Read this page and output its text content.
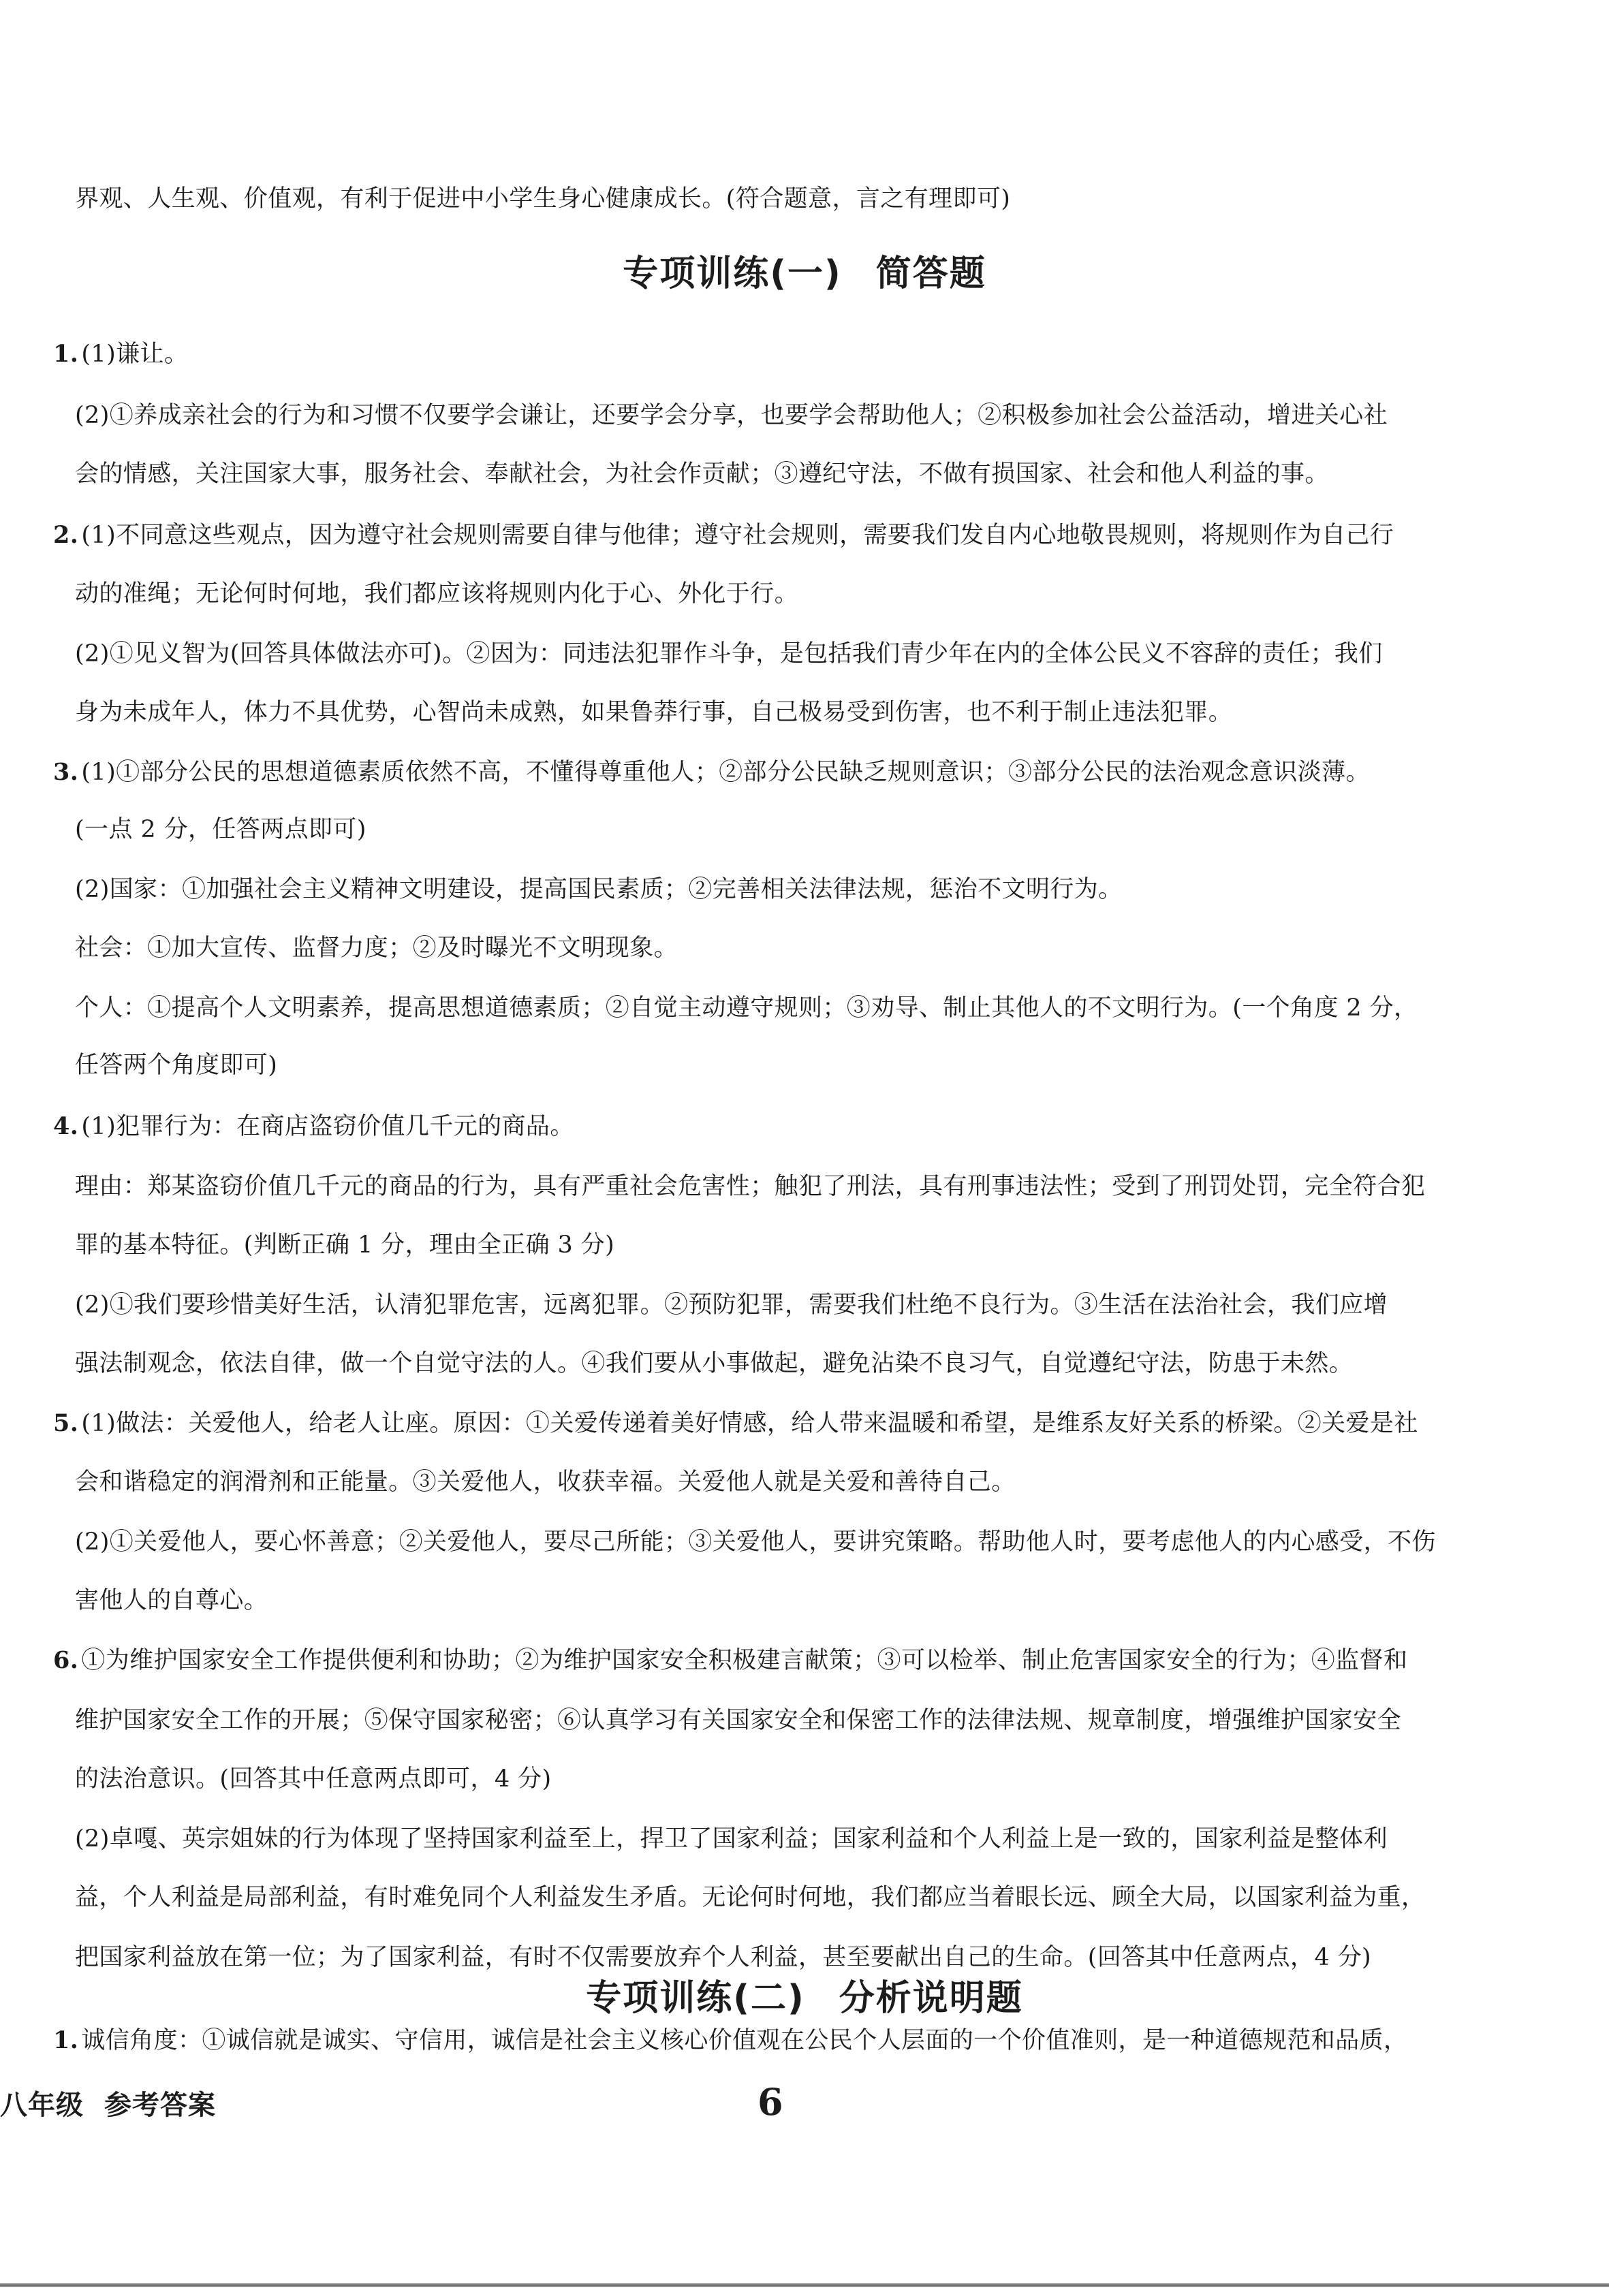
界观、人生观、价值观，有利于促进中小学生身心健康成长。(符合题意，言之有理即可)
专项训练(一) 简答题
1. (1)谦让。
(2)①养成亲社会的行为和习惯不仅要学会谦让，还要学会分享，也要学会帮助他人；②积极参加社会公益活动，增进关心社
会的情感，关注国家大事，服务社会、奉献社会，为社会作贡献；③遵纪守法，不做有损国家、社会和他人利益的事。
2. (1)不同意这些观点，因为遵守社会规则需要自律与他律；遵守社会规则，需要我们发自内心地敬畏规则，将规则作为自己行
动的准绳；无论何时何地，我们都应该将规则内化于心、外化于行。
(2)①见义智为(回答具体做法亦可)。②因为：同违法犯罪作斗争，是包括我们青少年在内的全体公民义不容辞的责任；我们
身为未成年人，体力不具优势，心智尚未成熟，如果鲁莽行事，自己极易受到伤害，也不利于制止违法犯罪。
3. (1)①部分公民的思想道德素质依然不高，不懂得尊重他人；②部分公民缺乏规则意识；③部分公民的法治观念意识淡薄。
(一点 2 分，任答两点即可)
(2)国家：①加强社会主义精神文明建设，提高国民素质；②完善相关法律法规，惩治不文明行为。
社会：①加大宣传、监督力度；②及时曝光不文明现象。
个人：①提高个人文明素养，提高思想道德素质；②自觉主动遵守规则；③劝导、制止其他人的不文明行为。(一个角度 2 分，
任答两个角度即可)
4. (1)犯罪行为：在商店盗窃价值几千元的商品。
理由：郑某盗窃价值几千元的商品的行为，具有严重社会危害性；触犯了刑法，具有刑事违法性；受到了刑罚处罚，完全符合犯
罪的基本特征。(判断正确 1 分，理由全正确 3 分)
(2)①我们要珍惜美好生活，认清犯罪危害，远离犯罪。②预防犯罪，需要我们杜绝不良行为。③生活在法治社会，我们应增
强法制观念，依法自律，做一个自觉守法的人。④我们要从小事做起，避免沾染不良习气，自觉遵纪守法，防患于未然。
5. (1)做法：关爱他人，给老人让座。原因：①关爱传递着美好情感，给人带来温暖和希望，是维系友好关系的桥梁。②关爱是社
会和谐稳定的润滑剂和正能量。③关爱他人，收获幸福。关爱他人就是关爱和善待自己。
(2)①关爱他人，要心怀善意；②关爱他人，要尽己所能；③关爱他人，要讲究策略。帮助他人时，要考虑他人的内心感受，不伤
害他人的自尊心。
6. ①为维护国家安全工作提供便利和协助；②为维护国家安全积极建言献策；③可以检举、制止危害国家安全的行为；④监督和
维护国家安全工作的开展；⑤保守国家秘密；⑥认真学习有关国家安全和保密工作的法律法规、规章制度，增强维护国家安全
的法治意识。(回答其中任意两点即可，4 分)
(2)卓嘎、英宗姐妹的行为体现了坚持国家利益至上，捍卫了国家利益；国家利益和个人利益上是一致的，国家利益是整体利
益，个人利益是局部利益，有时难免同个人利益发生矛盾。无论何时何地，我们都应当着眼长远、顾全大局，以国家利益为重，
把国家利益放在第一位；为了国家利益，有时不仅需要放弃个人利益，甚至要献出自己的生命。(回答其中任意两点，4 分)
专项训练(二) 分析说明题
1. 诚信角度：①诚信就是诚实、守信用，诚信是社会主义核心价值观在公民个人层面的一个价值准则，是一种道德规范和品质，
八年级 参考答案	6
